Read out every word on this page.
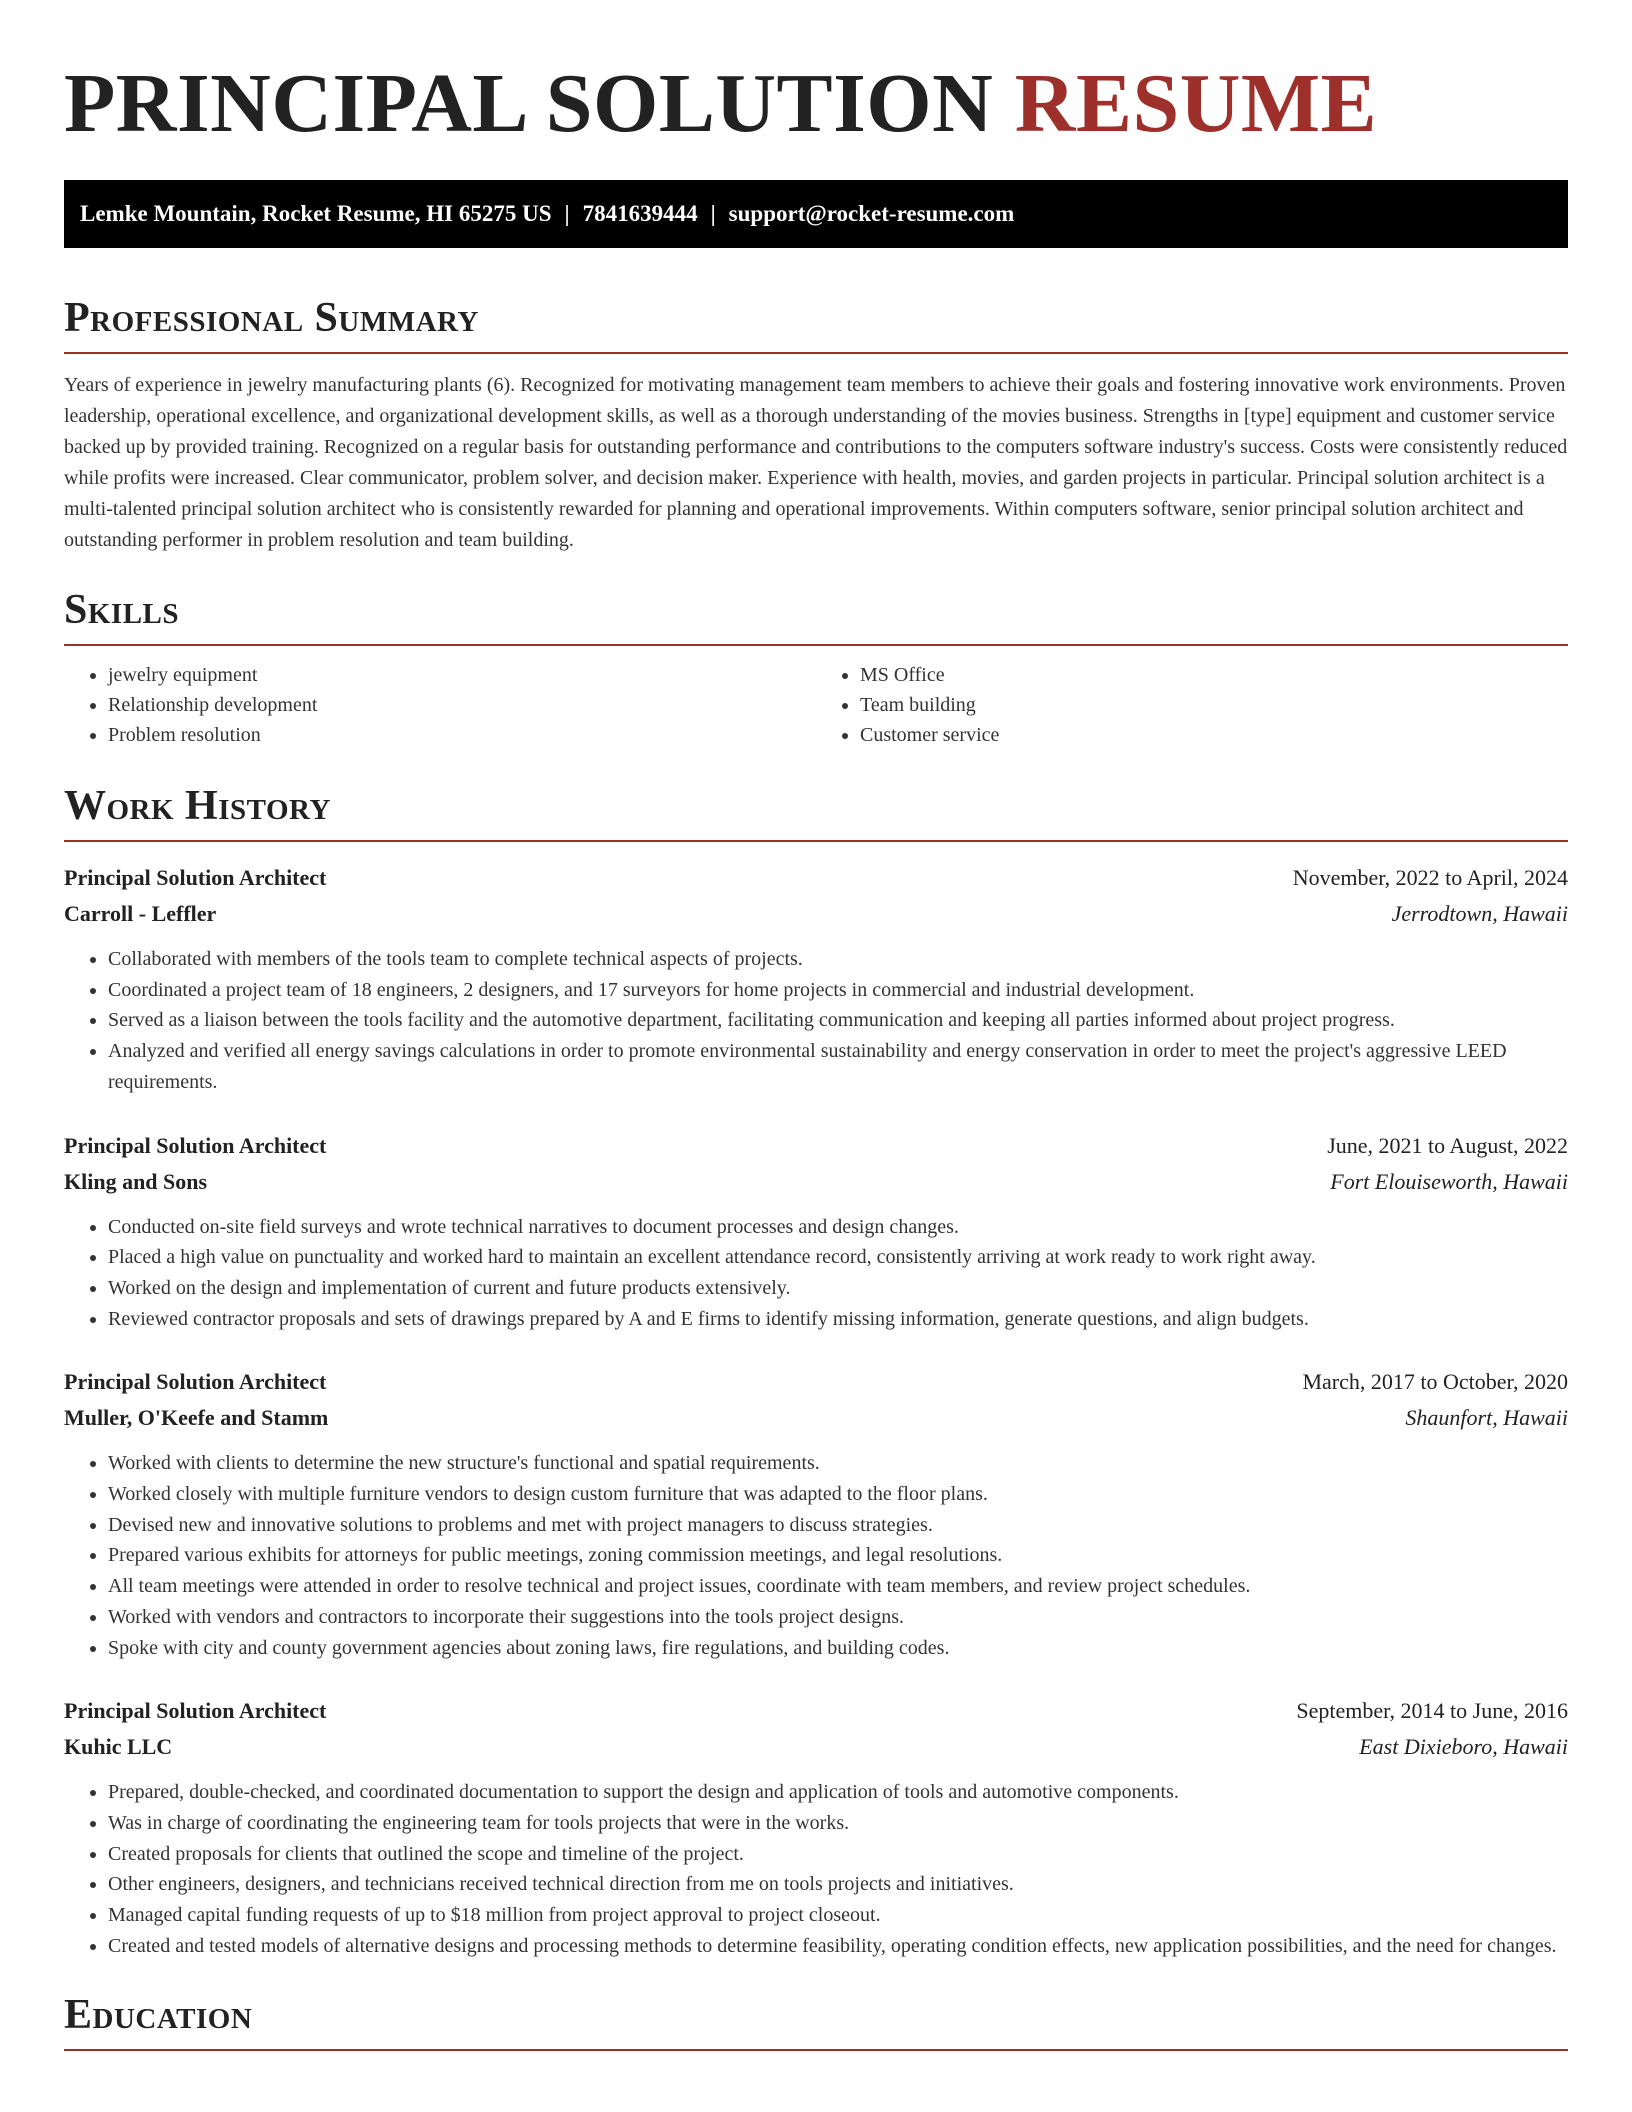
PRINCIPAL SOLUTION RESUME
Lemke Mountain, Rocket Resume, HI 65275 US | 7841639444 | support@rocket-resume.com
Professional Summary

Years of experience in jewelry manufacturing plants (6). Recognized for motivating management team members to achieve their goals and fostering innovative work environments. Proven leadership, operational excellence, and organizational development skills, as well as a thorough understanding of the movies business. Strengths in [type] equipment and customer service backed up by provided training. Recognized on a regular basis for outstanding performance and contributions to the computers software industry's success. Costs were consistently reduced while profits were increased. Clear communicator, problem solver, and decision maker. Experience with health, movies, and garden projects in particular. Principal solution architect is a multi-talented principal solution architect who is consistently rewarded for planning and operational improvements. Within computers software, senior principal solution architect and outstanding performer in problem resolution and team building.

Skills
• jewelry equipment
• Relationship development
• Problem resolution
• MS Office
• Team building
• Customer service
Work History
Principal Solution Architect	November, 2022 to April, 2024
Carroll - Leffler	Jerrodtown, Hawaii
• Collaborated with members of the tools team to complete technical aspects of projects.
• Coordinated a project team of 18 engineers, 2 designers, and 17 surveyors for home projects in commercial and industrial development.
• Served as a liaison between the tools facility and the automotive department, facilitating communication and keeping all parties informed about project progress.
• Analyzed and verified all energy savings calculations in order to promote environmental sustainability and energy conservation in order to meet the project's aggressive LEED requirements.
Principal Solution Architect	June, 2021 to August, 2022
Kling and Sons	Fort Elouiseworth, Hawaii
• Conducted on-site field surveys and wrote technical narratives to document processes and design changes.
• Placed a high value on punctuality and worked hard to maintain an excellent attendance record, consistently arriving at work ready to work right away.
• Worked on the design and implementation of current and future products extensively.
• Reviewed contractor proposals and sets of drawings prepared by A and E firms to identify missing information, generate questions, and align budgets.
Principal Solution Architect	March, 2017 to October, 2020
Muller, O'Keefe and Stamm	Shaunfort, Hawaii
• Worked with clients to determine the new structure's functional and spatial requirements.
• Worked closely with multiple furniture vendors to design custom furniture that was adapted to the floor plans.
• Devised new and innovative solutions to problems and met with project managers to discuss strategies.
• Prepared various exhibits for attorneys for public meetings, zoning commission meetings, and legal resolutions.
• All team meetings were attended in order to resolve technical and project issues, coordinate with team members, and review project schedules.
• Worked with vendors and contractors to incorporate their suggestions into the tools project designs.
• Spoke with city and county government agencies about zoning laws, fire regulations, and building codes.
Principal Solution Architect	September, 2014 to June, 2016
Kuhic LLC	East Dixieboro, Hawaii
• Prepared, double-checked, and coordinated documentation to support the design and application of tools and automotive components.
• Was in charge of coordinating the engineering team for tools projects that were in the works.
• Created proposals for clients that outlined the scope and timeline of the project.
• Other engineers, designers, and technicians received technical direction from me on tools projects and initiatives.
• Managed capital funding requests of up to $18 million from project approval to project closeout.
• Created and tested models of alternative designs and processing methods to determine feasibility, operating condition effects, new application possibilities, and the need for changes.
Education
